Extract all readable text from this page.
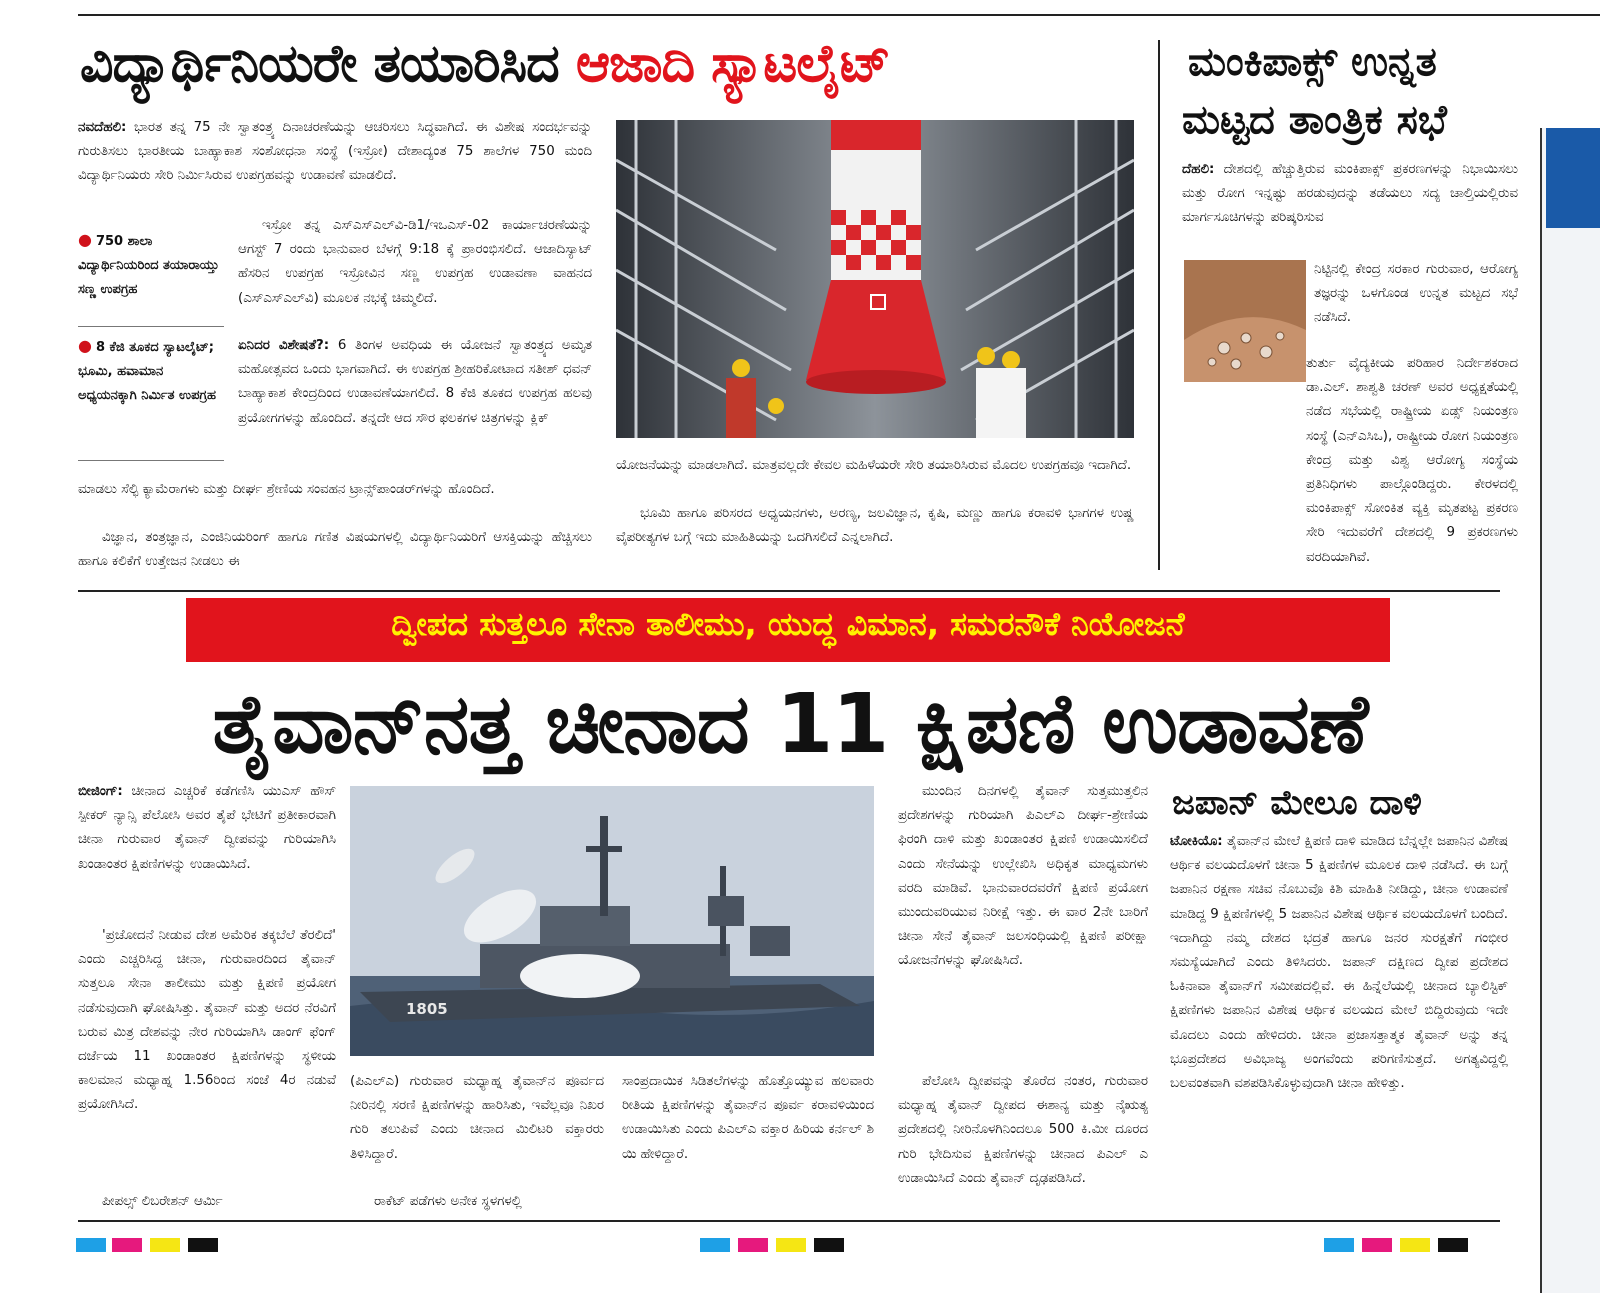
ವಿದ್ಯಾರ್ಥಿನಿಯರೇ ತಯಾರಿಸಿದ ಆಜಾದಿ ಸ್ಯಾಟಲೈಟ್

ನವದೆಹಲಿ: ಭಾರತ ತನ್ನ 75 ನೇ ಸ್ವಾತಂತ್ರ್ಯ ದಿನಾಚರಣೆಯನ್ನು ಆಚರಿಸಲು ಸಿದ್ಧವಾಗಿದೆ. ಈ ವಿಶೇಷ ಸಂದರ್ಭವನ್ನು ಗುರುತಿಸಲು ಭಾರತೀಯ ಬಾಹ್ಯಾಕಾಶ ಸಂಶೋಧನಾ ಸಂಸ್ಥೆ (ಇಸ್ರೋ) ದೇಶಾದ್ಯಂತ 75 ಶಾಲೆಗಳ 750 ಮಂದಿ ವಿದ್ಯಾರ್ಥಿನಿಯರು ಸೇರಿ ನಿರ್ಮಿಸಿರುವ ಉಪಗ್ರಹವನ್ನು ಉಡಾವಣೆ ಮಾಡಲಿದೆ.

● 750 ಶಾಲಾ ವಿದ್ಯಾರ್ಥಿನಿಯರಿಂದ ತಯಾರಾಯ್ತು ಸಣ್ಣ ಉಪಗ್ರಹ
● 8 ಕೆಜಿ ತೂಕದ ಸ್ಯಾಟಲೈಟ್; ಭೂಮಿ, ಹವಾಮಾನ ಅಧ್ಯಯನಕ್ಕಾಗಿ ನಿರ್ಮಿತ ಉಪಗ್ರಹ

ಇಸ್ರೋ ತನ್ನ ಎಸ್‌ಎಸ್‌ಎಲ್‌ವಿ-ಡಿ1/ಇಒಎಸ್-02 ಕಾರ್ಯಾಚರಣೆಯನ್ನು ಆಗಸ್ಟ್ 7 ರಂದು ಭಾನುವಾರ ಬೆಳಗ್ಗೆ 9:18 ಕ್ಕೆ ಪ್ರಾರಂಭಿಸಲಿದೆ. ಆಜಾದಿಸ್ಯಾಟ್ ಹೆಸರಿನ ಉಪಗ್ರಹ ಇಸ್ರೋವಿನ ಸಣ್ಣ ಉಪಗ್ರಹ ಉಡಾವಣಾ ವಾಹನದ (ಎಸ್‌ಎಸ್‌ಎಲ್‌ವಿ) ಮೂಲಕ ನಭಕ್ಕೆ ಚಿಮ್ಮಲಿದೆ.

ಏನಿದರ ವಿಶೇಷತೆ?: 6 ತಿಂಗಳ ಅವಧಿಯ ಈ ಯೋಜನೆ ಸ್ವಾತಂತ್ರ್ಯದ ಅಮೃತ ಮಹೋತ್ಸವದ ಒಂದು ಭಾಗವಾಗಿದೆ. ಈ ಉಪಗ್ರಹ ಶ್ರೀಹರಿಕೋಟಾದ ಸತೀಶ್ ಧವನ್ ಬಾಹ್ಯಾಕಾಶ ಕೇಂದ್ರದಿಂದ ಉಡಾವಣೆಯಾಗಲಿದೆ. 8 ಕೆಜಿ ತೂಕದ ಉಪಗ್ರಹ ಹಲವು ಪ್ರಯೋಗಗಳನ್ನು ಹೊಂದಿದೆ. ತನ್ನದೇ ಆದ ಸೌರ ಫಲಕಗಳ ಚಿತ್ರಗಳನ್ನು ಕ್ಲಿಕ್

ಮಾಡಲು ಸೆಲ್ಫಿ ಕ್ಯಾಮೆರಾಗಳು ಮತ್ತು ದೀರ್ಘ ಶ್ರೇಣಿಯ ಸಂವಹನ ಟ್ರಾನ್ಸ್‌ಪಾಂಡರ್‌ಗಳನ್ನು ಹೊಂದಿದೆ.

ವಿಜ್ಞಾನ, ತಂತ್ರಜ್ಞಾನ, ಎಂಜಿನಿಯರಿಂಗ್ ಹಾಗೂ ಗಣಿತ ವಿಷಯಗಳಲ್ಲಿ ವಿದ್ಯಾರ್ಥಿನಿಯರಿಗೆ ಆಸಕ್ತಿಯನ್ನು ಹೆಚ್ಚಿಸಲು ಹಾಗೂ ಕಲಿಕೆಗೆ ಉತ್ತೇಜನ ನೀಡಲು ಈ

ಯೋಜನೆಯನ್ನು ಮಾಡಲಾಗಿದೆ. ಮಾತ್ರವಲ್ಲದೇ ಕೇವಲ ಮಹಿಳೆಯರೇ ಸೇರಿ ತಯಾರಿಸಿರುವ ಮೊದಲ ಉಪಗ್ರಹವೂ ಇದಾಗಿದೆ.

ಭೂಮಿ ಹಾಗೂ ಪರಿಸರದ ಅಧ್ಯಯನಗಳು, ಅರಣ್ಯ, ಜಲವಿಜ್ಞಾನ, ಕೃಷಿ, ಮಣ್ಣು ಹಾಗೂ ಕರಾವಳಿ ಭಾಗಗಳ ಉಷ್ಣ ವೈಪರೀತ್ಯಗಳ ಬಗ್ಗೆ ಇದು ಮಾಹಿತಿಯನ್ನು ಒದಗಿಸಲಿದೆ ಎನ್ನಲಾಗಿದೆ.

ಮಂಕಿಪಾಕ್ಸ್ ಉನ್ನತ
ಮಟ್ಟದ ತಾಂತ್ರಿಕ ಸಭೆ

ದೆಹಲಿ: ದೇಶದಲ್ಲಿ ಹೆಚ್ಚುತ್ತಿರುವ ಮಂಕಿಪಾಕ್ಸ್ ಪ್ರಕರಣಗಳನ್ನು ನಿಭಾಯಿಸಲು ಮತ್ತು ರೋಗ ಇನ್ನಷ್ಟು ಹರಡುವುದನ್ನು ತಡೆಯಲು ಸದ್ಯ ಚಾಲ್ತಿಯಲ್ಲಿರುವ ಮಾರ್ಗಸೂಚಿಗಳನ್ನು ಪರಿಷ್ಕರಿಸುವ

ನಿಟ್ಟಿನಲ್ಲಿ ಕೇಂದ್ರ ಸರಕಾರ ಗುರುವಾರ, ಆರೋಗ್ಯ ತಜ್ಞರನ್ನು ಒಳಗೊಂಡ ಉನ್ನತ ಮಟ್ಟದ ಸಭೆ ನಡೆಸಿದೆ.

ತುರ್ತು ವೈದ್ಯಕೀಯ ಪರಿಹಾರ ನಿರ್ದೇಶಕರಾದ ಡಾ.ಎಲ್. ಶಾಶ್ವತಿ ಚರಣ್ ಅವರ ಅಧ್ಯಕ್ಷತೆಯಲ್ಲಿ ನಡೆದ ಸಭೆಯಲ್ಲಿ ರಾಷ್ಟ್ರೀಯ ಏಡ್ಸ್ ನಿಯಂತ್ರಣ ಸಂಸ್ಥೆ (ಎನ್‌ಎಸಿಒ), ರಾಷ್ಟ್ರೀಯ ರೋಗ ನಿಯಂತ್ರಣ ಕೇಂದ್ರ ಮತ್ತು ವಿಶ್ವ ಆರೋಗ್ಯ ಸಂಸ್ಥೆಯ ಪ್ರತಿನಿಧಿಗಳು ಪಾಲ್ಗೊಂಡಿದ್ದರು. ಕೇರಳದಲ್ಲಿ ಮಂಕಿಪಾಕ್ಸ್ ಸೋಂಕಿತ ವ್ಯಕ್ತಿ ಮೃತಪಟ್ಟ ಪ್ರಕರಣ ಸೇರಿ ಇದುವರೆಗೆ ದೇಶದಲ್ಲಿ 9 ಪ್ರಕರಣಗಳು ವರದಿಯಾಗಿವೆ.

ದ್ವೀಪದ ಸುತ್ತಲೂ ಸೇನಾ ತಾಲೀಮು, ಯುದ್ಧ ವಿಮಾನ, ಸಮರನೌಕೆ ನಿಯೋಜನೆ
ತೈವಾನ್‌ನತ್ತ ಚೀನಾದ 11 ಕ್ಷಿಪಣಿ ಉಡಾವಣೆ

ಬೀಜಿಂಗ್: ಚೀನಾದ ಎಚ್ಚರಿಕೆ ಕಡೆಗಣಿಸಿ ಯುಎಸ್ ಹೌಸ್ ಸ್ಪೀಕರ್ ನ್ಯಾನ್ಸಿ ಪೆಲೋಸಿ ಅವರ ತೈಪೆ ಭೇಟಿಗೆ ಪ್ರತೀಕಾರವಾಗಿ ಚೀನಾ ಗುರುವಾರ ತೈವಾನ್ ದ್ವೀಪವನ್ನು ಗುರಿಯಾಗಿಸಿ ಖಂಡಾಂತರ ಕ್ಷಿಪಣಿಗಳನ್ನು ಉಡಾಯಿಸಿದೆ.

'ಪ್ರಚೋದನೆ ನೀಡುವ ದೇಶ ಅಮೆರಿಕ ತಕ್ಕಬೆಲೆ ತೆರಲಿದೆ' ಎಂದು ಎಚ್ಚರಿಸಿದ್ದ ಚೀನಾ, ಗುರುವಾರದಿಂದ ತೈವಾನ್ ಸುತ್ತಲೂ ಸೇನಾ ತಾಲೀಮು ಮತ್ತು ಕ್ಷಿಪಣಿ ಪ್ರಯೋಗ ನಡೆಸುವುದಾಗಿ ಘೋಷಿಸಿತ್ತು. ತೈವಾನ್ ಮತ್ತು ಅದರ ನೆರವಿಗೆ ಬರುವ ಮಿತ್ರ ದೇಶವನ್ನು ನೇರ ಗುರಿಯಾಗಿಸಿ ಡಾಂಗ್ ಫೆಂಗ್ ದರ್ಜೆಯ 11 ಖಂಡಾಂತರ ಕ್ಷಿಪಣಿಗಳನ್ನು ಸ್ಥಳೀಯ ಕಾಲಮಾನ ಮಧ್ಯಾಹ್ನ 1.56ರಿಂದ ಸಂಜೆ 4ರ ನಡುವೆ ಪ್ರಯೋಗಿಸಿದೆ.

ಪೀಪಲ್ಸ್ ಲಿಬರೇಶನ್ ಆರ್ಮಿ

1805

(ಪಿಎಲ್‌ಎ) ಗುರುವಾರ ಮಧ್ಯಾಹ್ನ ತೈವಾನ್‌ನ ಪೂರ್ವದ ನೀರಿನಲ್ಲಿ ಸರಣಿ ಕ್ಷಿಪಣಿಗಳನ್ನು ಹಾರಿಸಿತು, ಇವೆಲ್ಲವೂ ನಿಖರ ಗುರಿ ತಲುಪಿವೆ ಎಂದು ಚೀನಾದ ಮಿಲಿಟರಿ ವಕ್ತಾರರು ತಿಳಿಸಿದ್ದಾರೆ.

ರಾಕೆಟ್ ಪಡೆಗಳು ಅನೇಕ ಸ್ಥಳಗಳಲ್ಲಿ

ಸಾಂಪ್ರದಾಯಿಕ ಸಿಡಿತಲೆಗಳನ್ನು ಹೊತ್ತೊಯ್ಯುವ ಹಲವಾರು ರೀತಿಯ ಕ್ಷಿಪಣಿಗಳನ್ನು ತೈವಾನ್‌ನ ಪೂರ್ವ ಕರಾವಳಿಯಿಂದ ಉಡಾಯಿಸಿತು ಎಂದು ಪಿಎಲ್‌ಎ ವಕ್ತಾರ ಹಿರಿಯ ಕರ್ನಲ್ ಶಿ ಯಿ ಹೇಳಿದ್ದಾರೆ.

ಮುಂದಿನ ದಿನಗಳಲ್ಲಿ ತೈವಾನ್ ಸುತ್ತಮುತ್ತಲಿನ ಪ್ರದೇಶಗಳನ್ನು ಗುರಿಯಾಗಿ ಪಿಎಲ್‌ಎ ದೀರ್ಘ-ಶ್ರೇಣಿಯ ಫಿರಂಗಿ ದಾಳಿ ಮತ್ತು ಖಂಡಾಂತರ ಕ್ಷಿಪಣಿ ಉಡಾಯಿಸಲಿದೆ ಎಂದು ಸೇನೆಯನ್ನು ಉಲ್ಲೇಖಿಸಿ ಅಧಿಕೃತ ಮಾಧ್ಯಮಗಳು ವರದಿ ಮಾಡಿವೆ. ಭಾನುವಾರದವರೆಗೆ ಕ್ಷಿಪಣಿ ಪ್ರಯೋಗ ಮುಂದುವರಿಯುವ ನಿರೀಕ್ಷೆ ಇತ್ತು. ಈ ವಾರ 2ನೇ ಬಾರಿಗೆ ಚೀನಾ ಸೇನೆ ತೈವಾನ್ ಜಲಸಂಧಿಯಲ್ಲಿ ಕ್ಷಿಪಣಿ ಪರೀಕ್ಷಾ ಯೋಜನೆಗಳನ್ನು ಘೋಷಿಸಿದೆ.

ಪೆಲೋಸಿ ದ್ವೀಪವನ್ನು ತೊರೆದ ನಂತರ, ಗುರುವಾರ ಮಧ್ಯಾಹ್ನ ತೈವಾನ್ ದ್ವೀಪದ ಈಶಾನ್ಯ ಮತ್ತು ನೈಋತ್ಯ ಪ್ರದೇಶದಲ್ಲಿ ನೀರಿನೊಳಗಿನಿಂದಲೂ 500 ಕಿ.ಮೀ ದೂರದ ಗುರಿ ಭೇದಿಸುವ ಕ್ಷಿಪಣಿಗಳನ್ನು ಚೀನಾದ ಪಿಎಲ್ ಎ ಉಡಾಯಿಸಿದೆ ಎಂದು ತೈವಾನ್ ದೃಢಪಡಿಸಿದೆ.

ಜಪಾನ್ ಮೇಲೂ ದಾಳಿ

ಟೋಕಿಯೊ: ತೈವಾನ್‌ನ ಮೇಲೆ ಕ್ಷಿಪಣಿ ದಾಳಿ ಮಾಡಿದ ಬೆನ್ನಲ್ಲೇ ಜಪಾನಿನ ವಿಶೇಷ ಆರ್ಥಿಕ ವಲಯದೊಳಗೆ ಚೀನಾ 5 ಕ್ಷಿಪಣಿಗಳ ಮೂಲಕ ದಾಳಿ ನಡೆಸಿದೆ. ಈ ಬಗ್ಗೆ ಜಪಾನಿನ ರಕ್ಷಣಾ ಸಚಿವ ನೊಬುವೊ ಕಿಶಿ ಮಾಹಿತಿ ನೀಡಿದ್ದು, ಚೀನಾ ಉಡಾವಣೆ ಮಾಡಿದ್ದ 9 ಕ್ಷಿಪಣಿಗಳಲ್ಲಿ 5 ಜಪಾನಿನ ವಿಶೇಷ ಆರ್ಥಿಕ ವಲಯದೊಳಗೆ ಬಂದಿದೆ. ಇದಾಗಿದ್ದು ನಮ್ಮ ದೇಶದ ಭದ್ರತೆ ಹಾಗೂ ಜನರ ಸುರಕ್ಷತೆಗೆ ಗಂಭೀರ ಸಮಸ್ಯೆಯಾಗಿದೆ ಎಂದು ತಿಳಿಸಿದರು. ಜಪಾನ್ ದಕ್ಷಿಣದ ದ್ವೀಪ ಪ್ರದೇಶದ ಓಕಿನಾವಾ ತೈವಾನ್‌ಗೆ ಸಮೀಪದಲ್ಲಿವೆ. ಈ ಹಿನ್ನೆಲೆಯಲ್ಲಿ ಚೀನಾದ ಬ್ಯಾಲಿಸ್ಟಿಕ್ ಕ್ಷಿಪಣಿಗಳು ಜಪಾನಿನ ವಿಶೇಷ ಆರ್ಥಿಕ ವಲಯದ ಮೇಲೆ ಬಿದ್ದಿರುವುದು ಇದೇ ಮೊದಲು ಎಂದು ಹೇಳಿದರು. ಚೀನಾ ಪ್ರಜಾಸತ್ತಾತ್ಮಕ ತೈವಾನ್ ಅನ್ನು ತನ್ನ ಭೂಪ್ರದೇಶದ ಅವಿಭಾಜ್ಯ ಅಂಗವೆಂದು ಪರಿಗಣಿಸುತ್ತದೆ. ಅಗತ್ಯವಿದ್ದಲ್ಲಿ ಬಲವಂತವಾಗಿ ವಶಪಡಿಸಿಕೊಳ್ಳುವುದಾಗಿ ಚೀನಾ ಹೇಳಿತ್ತು.
